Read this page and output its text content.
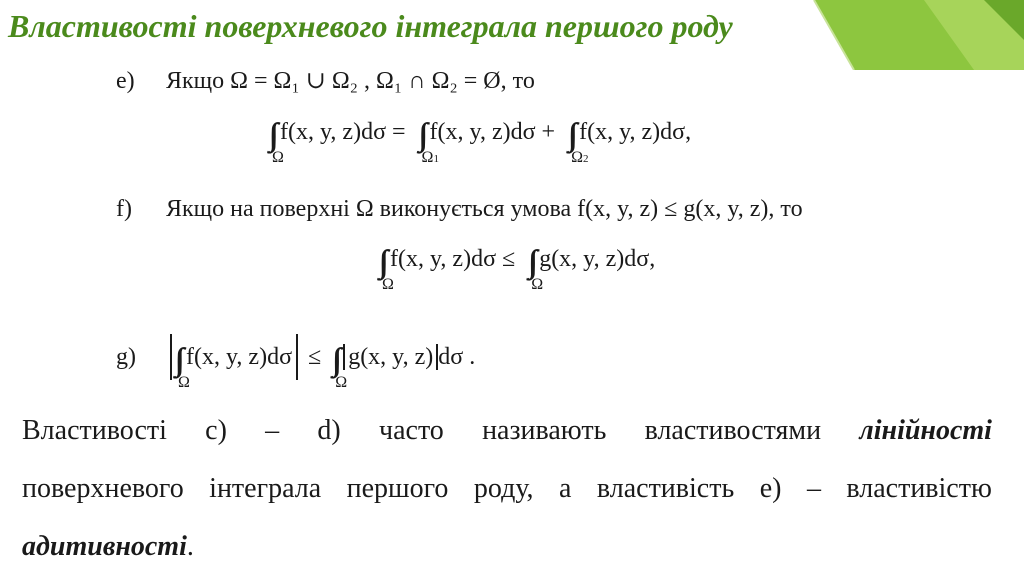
Властивості поверхневого інтеграла першого роду
e) Якщо Ω = Ω₁ ∪ Ω₂ , Ω₁ ∩ Ω₂ = Ø, то
Ω
f(x, y, z)dσ =
Ω1
f(x, y, z)dσ +
Ω2
f(x, y, z)dσ,
f) Якщо на поверхні Ω виконується умова f(x, y, z) ≤ g(x, y, z), то
Ω
f(x, y, z)dσ ≤
Ω
g(x, y, z)dσ,
g)
Ω
f(x, y, z)dσ ≤
Ω
g(x, y, z) dσ .
Властивості c) – d) часто називають властивостями лінійності
поверхневого інтеграла першого роду, а властивість e) – властивістю
адитивності.
